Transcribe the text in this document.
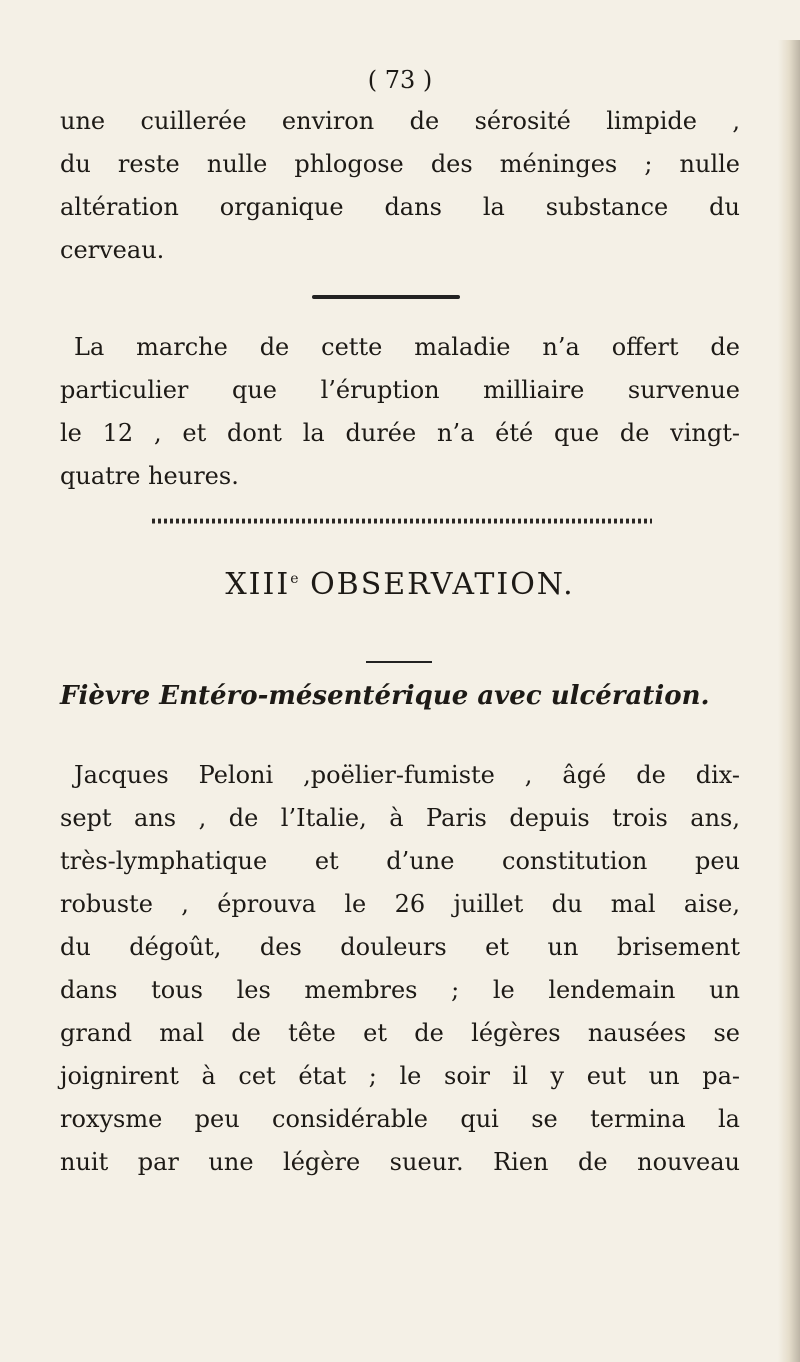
( 73 )
une cuillerée environ de sérosité limpide ,
du reste nulle phlogose des méninges ; nulle
altération organique dans la substance du
cerveau.
La marche de cette maladie n’a offert de
particulier que l’éruption milliaire survenue
le 12 , et dont la durée n’a été que de vingt-
quatre heures.
XIIIe OBSERVATION.
Fièvre Entéro-mésentérique avec ulcération.
Jacques Peloni ,poëlier-fumiste , âgé de dix-
sept ans , de l’Italie, à Paris depuis trois ans,
très-lymphatique et d’une constitution peu
robuste , éprouva le 26 juillet du mal aise,
du dégoût, des douleurs et un brisement
dans tous les membres ; le lendemain un
grand mal de tête et de légères nausées se
joignirent à cet état ; le soir il y eut un pa-
roxysme peu considérable qui se termina la
nuit par une légère sueur. Rien de nouveau
